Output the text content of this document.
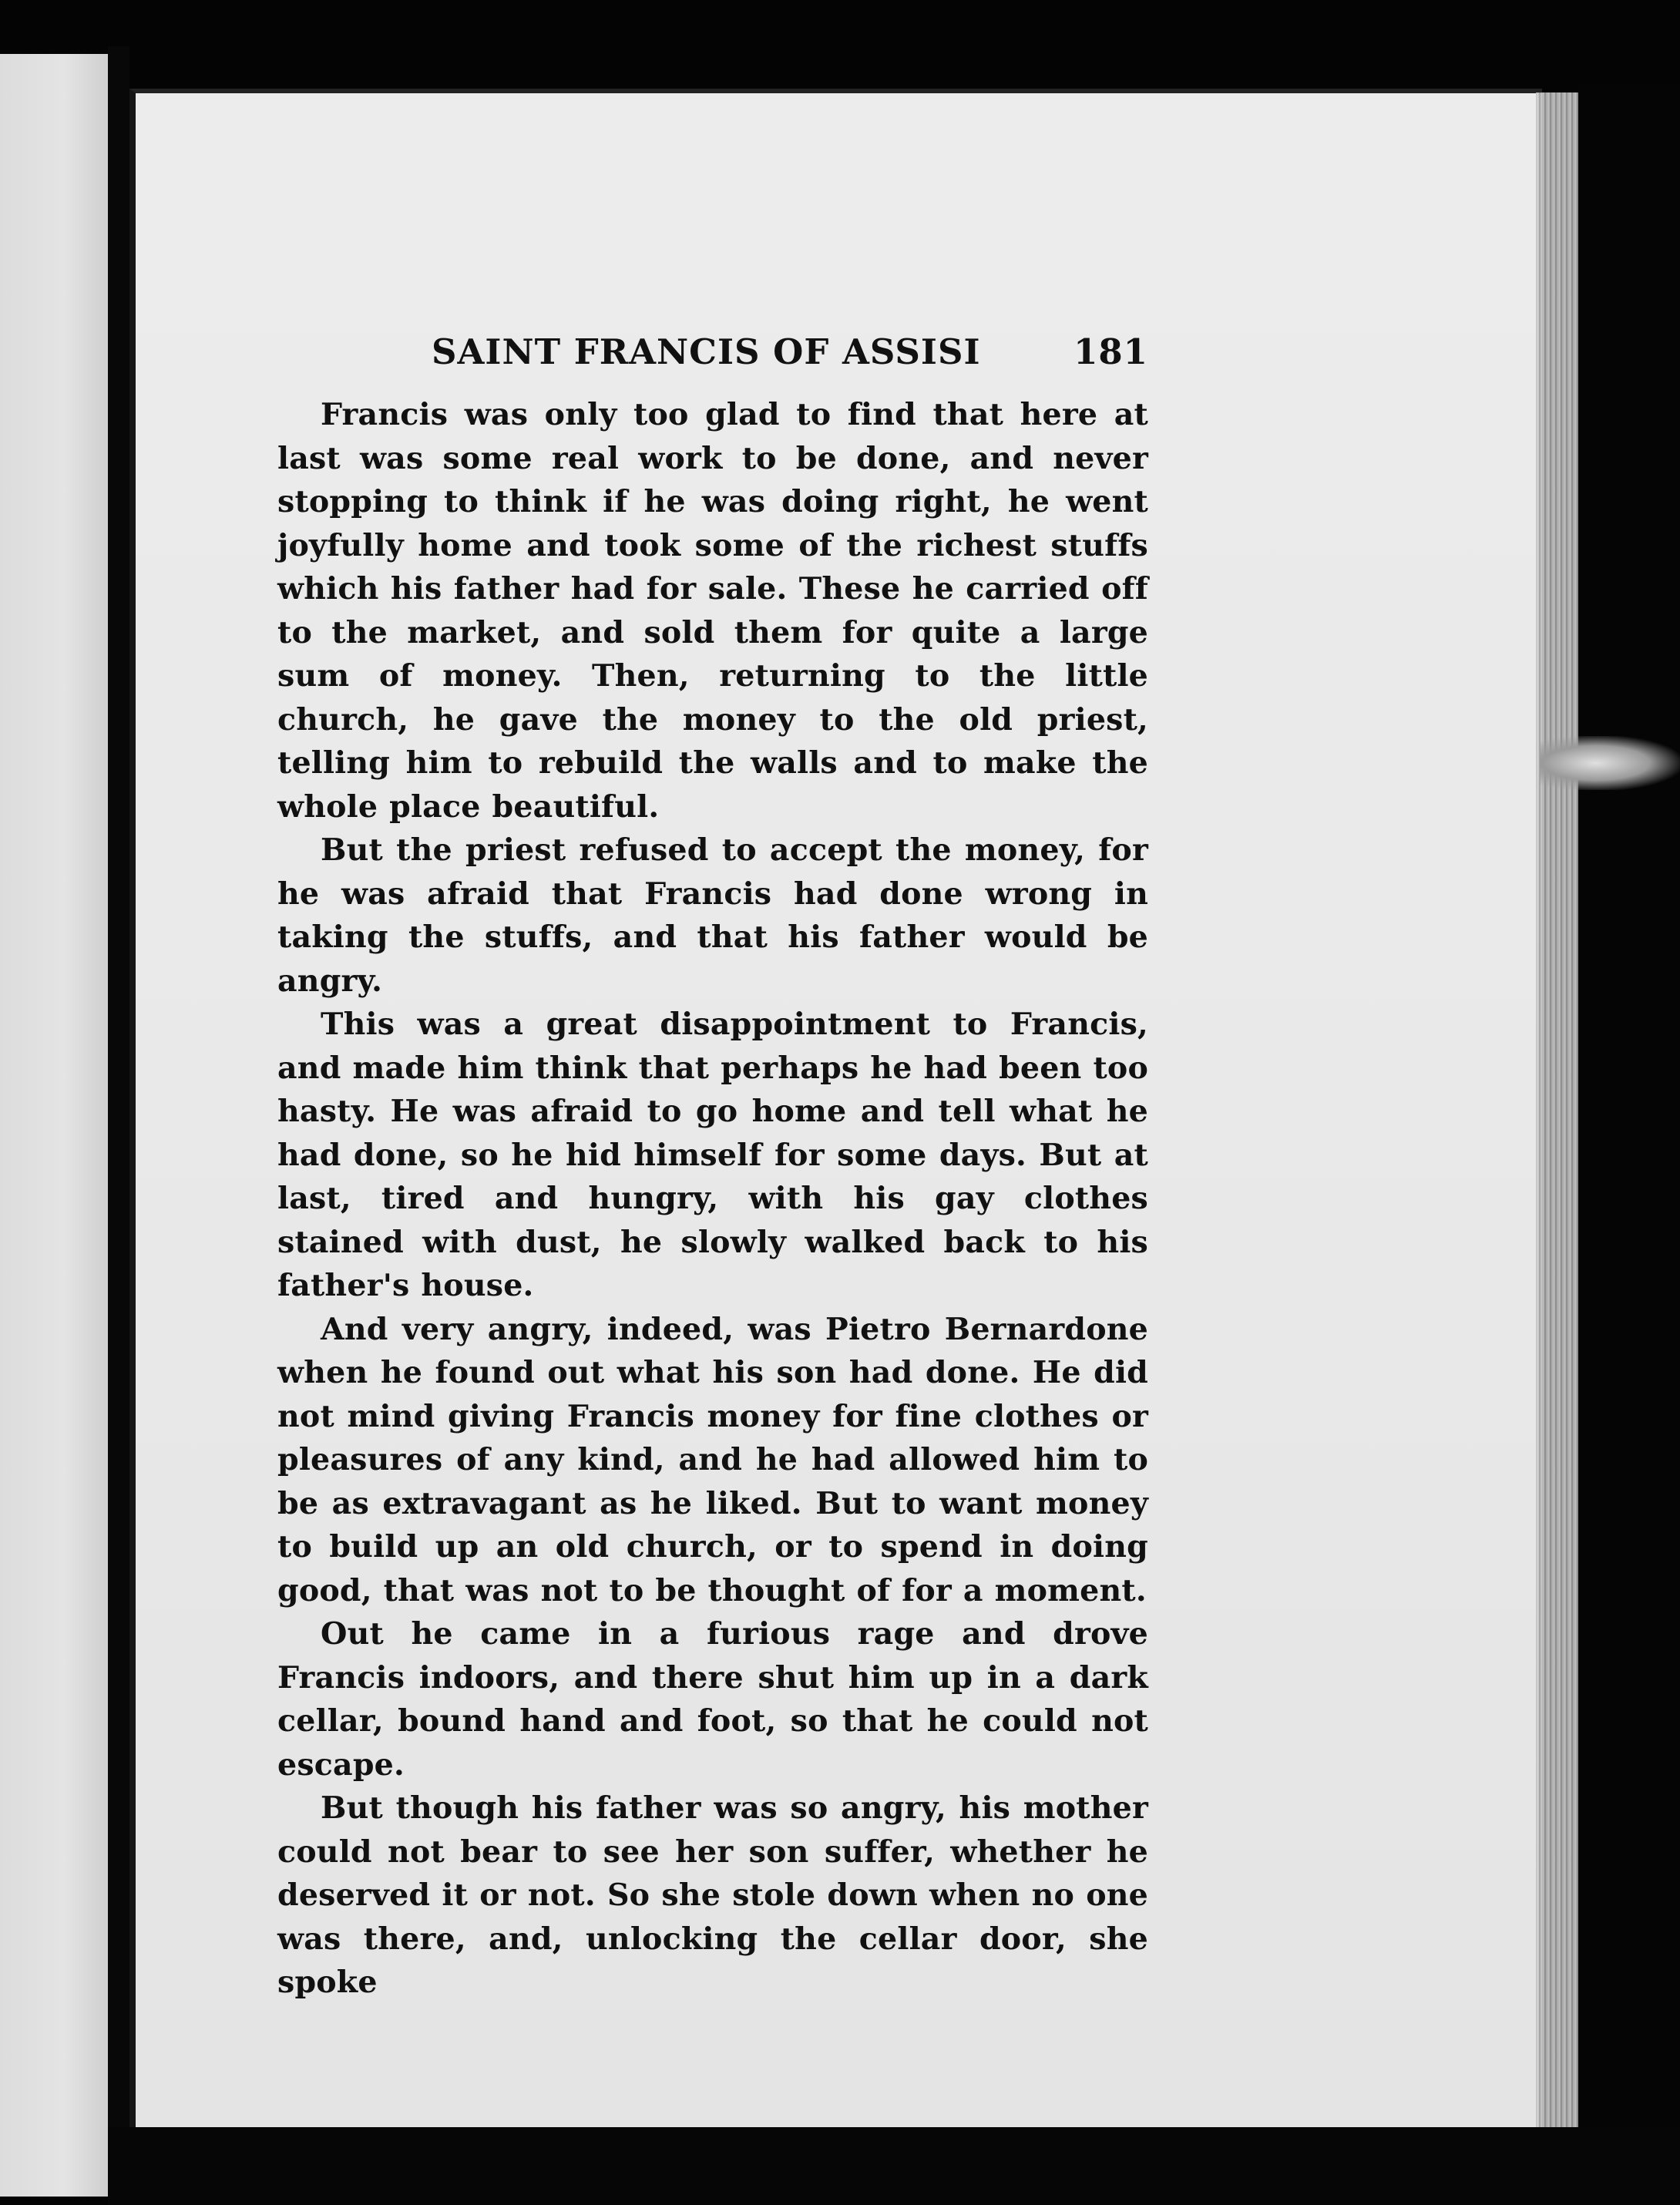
SAINT FRANCIS OF ASSISI	181

Francis was only too glad to find that here at last was some real work to be done, and never stopping to think if he was doing right, he went joyfully home and took some of the richest stuffs which his father had for sale. These he carried off to the market, and sold them for quite a large sum of money. Then, returning to the little church, he gave the money to the old priest, telling him to rebuild the walls and to make the whole place beautiful.

But the priest refused to accept the money, for he was afraid that Francis had done wrong in taking the stuffs, and that his father would be angry.

This was a great disappointment to Francis, and made him think that perhaps he had been too hasty. He was afraid to go home and tell what he had done, so he hid himself for some days. But at last, tired and hungry, with his gay clothes stained with dust, he slowly walked back to his father's house.

And very angry, indeed, was Pietro Bernardone when he found out what his son had done. He did not mind giving Francis money for fine clothes or pleasures of any kind, and he had allowed him to be as extravagant as he liked. But to want money to build up an old church, or to spend in doing good, that was not to be thought of for a moment.

Out he came in a furious rage and drove Francis indoors, and there shut him up in a dark cellar, bound hand and foot, so that he could not escape.

But though his father was so angry, his mother could not bear to see her son suffer, whether he deserved it or not. So she stole down when no one was there, and, unlocking the cellar door, she spoke
